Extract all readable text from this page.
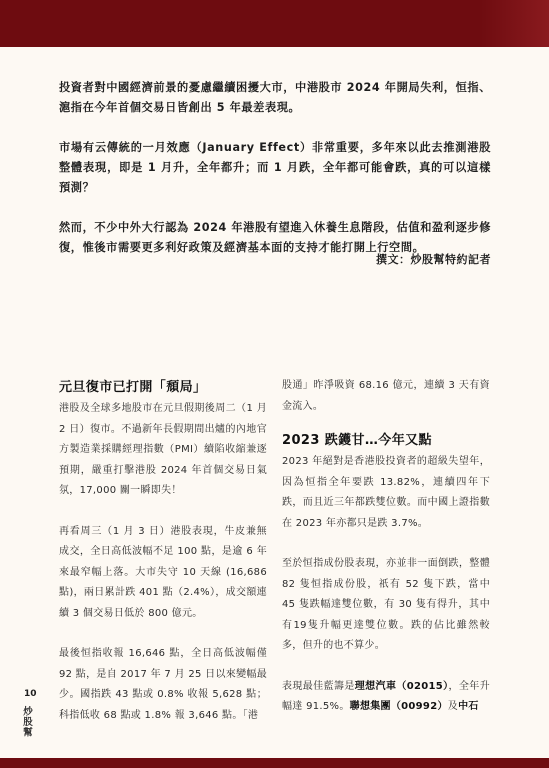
投資者對中國經濟前景的憂慮繼續困擾大市，中港股市 2024 年開局失利，恒指、滬指在今年首個交易日皆創出 5 年最差表現。

市場有云傳統的一月效應（January Effect）非常重要，多年來以此去推測港股整體表現，即是 1 月升，全年都升；而 1 月跌，全年都可能會跌，真的可以這樣預測？

然而，不少中外大行認為 2024 年港股有望進入休養生息階段，估值和盈利逐步修復，惟後市需要更多利好政策及經濟基本面的支持才能打開上行空間。

撰文：炒股幫特約記者
元旦復市已打開「頹局」

港股及全球多地股市在元旦假期後周二（1 月 2 日）復市。不過新年長假期間出爐的內地官方製造業採購經理指數（PMI）續陷收縮兼逐預期，嚴重打擊港股 2024 年首個交易日氣氛，17,000 關一瞬即失！

再看周三（1 月 3 日）港股表現，牛皮兼無成交，全日高低波幅不足 100 點，是逾 6 年來最窄幅上落。大市失守 10 天線 (16,686 點)，兩日累計跌 401 點（2.4%），成交額連續 3 個交易日低於 800 億元。

最後恒指收報 16,646 點，全日高低波幅僅 92 點，是自 2017 年 7 月 25 日以來變幅最少。國指跌 43 點或 0.8% 收報 5,628 點；科指低收 68 點或 1.8% 報 3,646 點。「港

股通」昨淨吸資 68.16 億元，連續 3 天有資金流入。

2023 跌鑊甘…今年又點

2023 年絕對是香港股投資者的超級失望年，因為恒指全年要跌 13.82%，連續四年下跌，而且近三年都跌雙位數。而中國上證指數在 2023 年亦都只是跌 3.7%。

至於恒指成份股表現，亦並非一面倒跌，整體 82 隻恒指成份股，祇有 52 隻下跌，當中 45 隻跌幅達雙位數，有 30 隻有得升，其中有19隻升幅更達雙位數。跌的佔比雖然較多，但升的也不算少。

表現最佳藍籌是理想汽車（02015），全年升幅達 91.5%。聯想集團（00992）及中石

10
炒股幫
